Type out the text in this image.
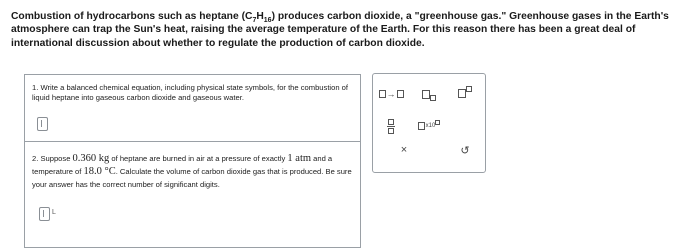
Combustion of hydrocarbons such as heptane $(C_7H_{16})$ produces carbon dioxide, a "greenhouse gas." Greenhouse gases in the Earth's atmosphere can trap the Sun's heat, raising the average temperature of the Earth. For this reason there has been a great deal of international discussion about whether to regulate the production of carbon dioxide.
1. Write a balanced chemical equation, including physical state symbols, for the combustion of liquid heptane into gaseous carbon dioxide and gaseous water.
2. Suppose 0.360 kg of heptane are burned in air at a pressure of exactly 1 atm and a temperature of 18.0 °C. Calculate the volume of carbon dioxide gas that is produced. Be sure your answer has the correct number of significant digits.
L
→
x10
×	↺
